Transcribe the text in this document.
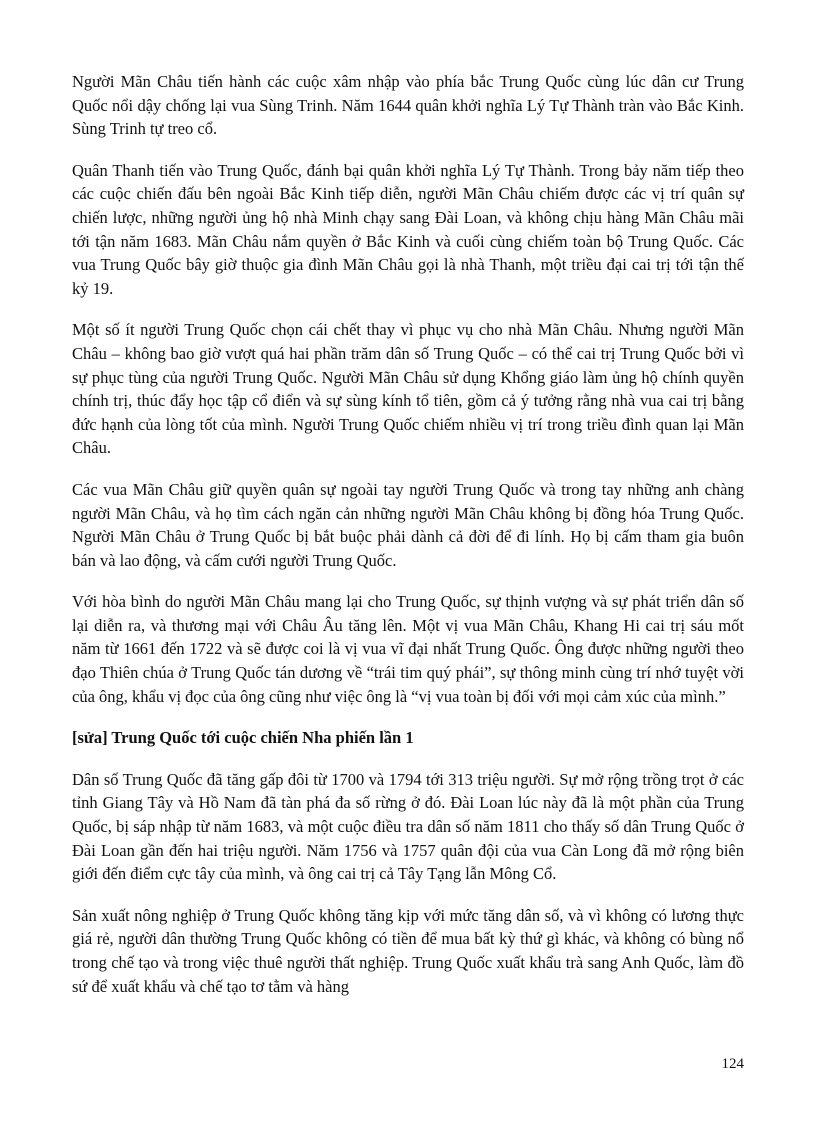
Người Mãn Châu tiến hành các cuộc xâm nhập vào phía bắc Trung Quốc cùng lúc dân cư Trung Quốc nổi dậy chống lại vua Sùng Trinh. Năm 1644 quân khởi nghĩa Lý Tự Thành tràn vào Bắc Kinh. Sùng Trinh tự treo cổ.

Quân Thanh tiến vào Trung Quốc, đánh bại quân khởi nghĩa Lý Tự Thành. Trong bảy năm tiếp theo các cuộc chiến đấu bên ngoài Bắc Kinh tiếp diễn, người Mãn Châu chiếm được các vị trí quân sự chiến lược, những người ủng hộ nhà Minh chạy sang Đài Loan, và không chịu hàng Mãn Châu mãi tới tận năm 1683. Mãn Châu nắm quyền ở Bắc Kinh và cuối cùng chiếm toàn bộ Trung Quốc. Các vua Trung Quốc bây giờ thuộc gia đình Mãn Châu gọi là nhà Thanh, một triều đại cai trị tới tận thế kỷ 19.

Một số ít người Trung Quốc chọn cái chết thay vì phục vụ cho nhà Mãn Châu. Nhưng người Mãn Châu – không bao giờ vượt quá hai phần trăm dân số Trung Quốc – có thể cai trị Trung Quốc bởi vì sự phục tùng của người Trung Quốc. Người Mãn Châu sử dụng Khổng giáo làm ủng hộ chính quyền chính trị, thúc đẩy học tập cổ điển và sự sùng kính tổ tiên, gồm cả ý tưởng rằng nhà vua cai trị bằng đức hạnh của lòng tốt của mình. Người Trung Quốc chiếm nhiều vị trí trong triều đình quan lại Mãn Châu.

Các vua Mãn Châu giữ quyền quân sự ngoài tay người Trung Quốc và trong tay những anh chàng người Mãn Châu, và họ tìm cách ngăn cản những người Mãn Châu không bị đồng hóa Trung Quốc. Người Mãn Châu ở Trung Quốc bị bắt buộc phải dành cả đời để đi lính. Họ bị cấm tham gia buôn bán và lao động, và cấm cưới người Trung Quốc.

Với hòa bình do người Mãn Châu mang lại cho Trung Quốc, sự thịnh vượng và sự phát triển dân số lại diễn ra, và thương mại với Châu Âu tăng lên. Một vị vua Mãn Châu, Khang Hi cai trị sáu mốt năm từ 1661 đến 1722 và sẽ được coi là vị vua vĩ đại nhất Trung Quốc. Ông được những người theo đạo Thiên chúa ở Trung Quốc tán dương về “trái tim quý phái”, sự thông minh cùng trí nhớ tuyệt vời của ông, khẩu vị đọc của ông cũng như việc ông là “vị vua toàn bị đối với mọi cảm xúc của mình.”

[sửa] Trung Quốc tới cuộc chiến Nha phiến lần 1

Dân số Trung Quốc đã tăng gấp đôi từ 1700 và 1794 tới 313 triệu người. Sự mở rộng trồng trọt ở các tỉnh Giang Tây và Hồ Nam đã tàn phá đa số rừng ở đó. Đài Loan lúc này đã là một phần của Trung Quốc, bị sáp nhập từ năm 1683, và một cuộc điều tra dân số năm 1811 cho thấy số dân Trung Quốc ở Đài Loan gần đến hai triệu người. Năm 1756 và 1757 quân đội của vua Càn Long đã mở rộng biên giới đến điểm cực tây của mình, và ông cai trị cả Tây Tạng lẫn Mông Cổ.

Sản xuất nông nghiệp ở Trung Quốc không tăng kịp với mức tăng dân số, và vì không có lương thực giá rẻ, người dân thường Trung Quốc không có tiền để mua bất kỳ thứ gì khác, và không có bùng nổ trong chế tạo và trong việc thuê người thất nghiệp. Trung Quốc xuất khẩu trà sang Anh Quốc, làm đồ sứ để xuất khẩu và chế tạo tơ tằm và hàng

124
